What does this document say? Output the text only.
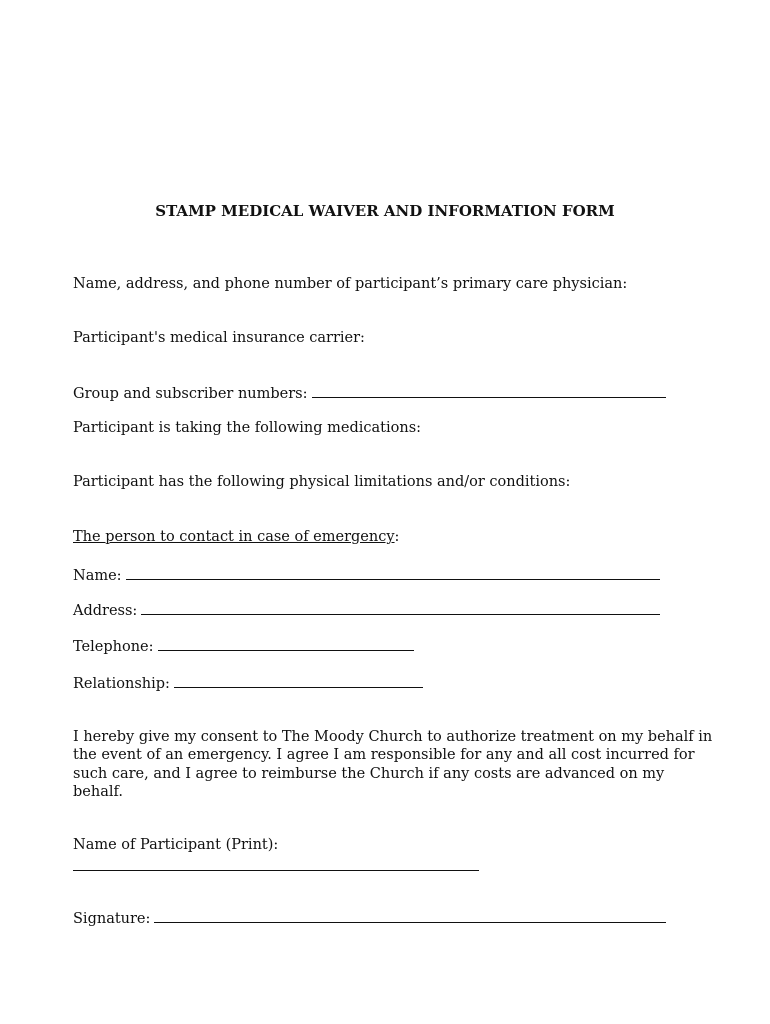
STAMP MEDICAL WAIVER AND INFORMATION FORM
Name, address, and phone number of participant’s primary care physician:
Participant's medical insurance carrier:
Group and subscriber numbers:
Participant is taking the following medications:
Participant has the following physical limitations and/or conditions:
The person to contact in case of emergency:
Name:
Address:
Telephone:
Relationship:
I hereby give my consent to The Moody Church to authorize treatment on my behalf in the event of an emergency. I agree I am responsible for any and all cost incurred for such care, and I agree to reimburse the Church if any costs are advanced on my behalf.
Name of Participant (Print):
Signature:
